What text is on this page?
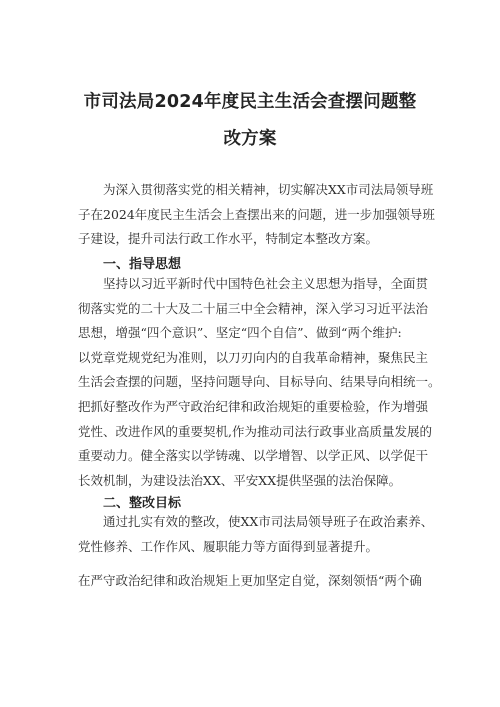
市司法局2024年度民主生活会查摆问题整
改方案
为深入贯彻落实党的相关精神，切实解决XX市司法局领导班
子在2024年度民主生活会上查摆出来的问题，进一步加强领导班
子建设，提升司法行政工作水平，特制定本整改方案。
一、指导思想
坚持以习近平新时代中国特色社会主义思想为指导，全面贯
彻落实党的二十大及二十届三中全会精神，深入学习习近平法治
思想，增强“四个意识”、坚定“四个自信”、做到“两个维护:
以党章党规党纪为准则，以刀刃向内的自我革命精神，聚焦民主
生活会查摆的问题，坚持问题导向、目标导向、结果导向相统一。
把抓好整改作为严守政治纪律和政治规矩的重要检验，作为增强
党性、改进作风的重要契机,作为推动司法行政事业高质量发展的
重要动力。健全落实以学铸魂、以学增智、以学正风、以学促干
长效机制，为建设法治XX、平安XX提供坚强的法治保障。
二、整改目标
通过扎实有效的整改，使XX市司法局领导班子在政治素养、
党性修养、工作作风、履职能力等方面得到显著提升。
在严守政治纪律和政治规矩上更加坚定自觉，深刻领悟“两个确
